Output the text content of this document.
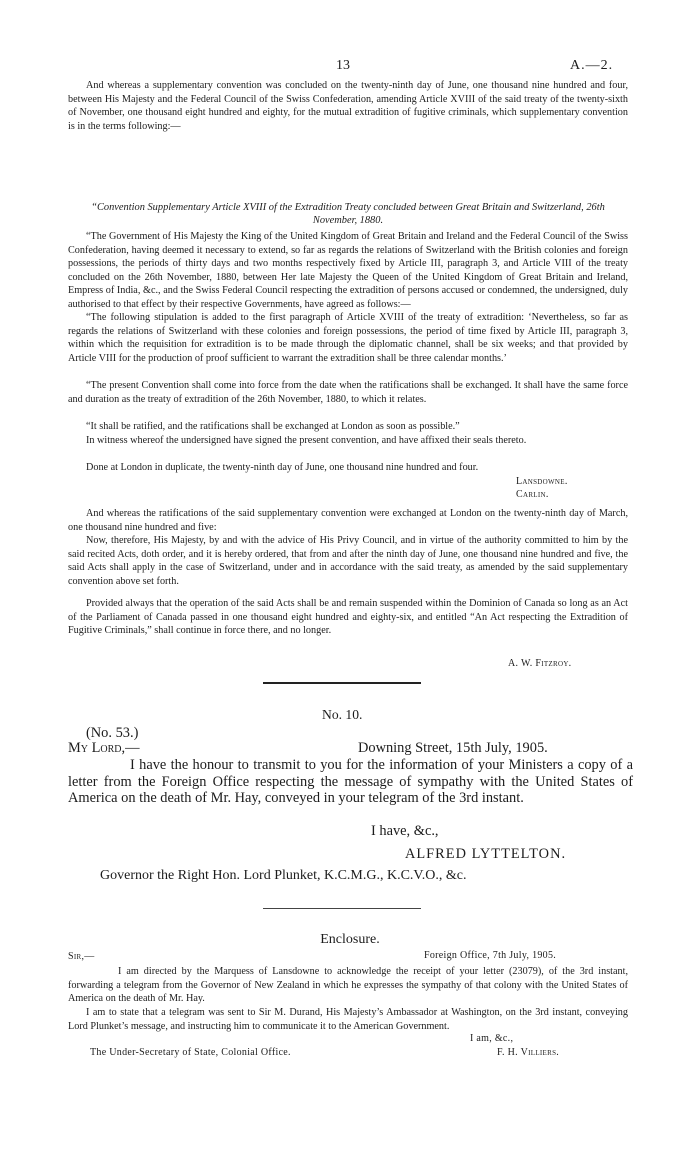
13	A.—2.

And whereas a supplementary convention was concluded on the twenty-ninth day of June, one thousand nine hundred and four, between His Majesty and the Federal Council of the Swiss Confederation, amending Article XVIII of the said treaty of the twenty-sixth of November, one thousand eight hundred and eighty, for the mutual extradition of fugitive criminals, which supplementary convention is in the terms following:—

“Convention Supplementary Article XVIII of the Extradition Treaty concluded between Great Britain and Switzerland, 26th November, 1880.

“The Government of His Majesty the King of the United Kingdom of Great Britain and Ireland and the Federal Council of the Swiss Confederation, having deemed it necessary to extend, so far as regards the relations of Switzerland with the British colonies and foreign possessions, the periods of thirty days and two months respectively fixed by Article III, paragraph 3, and Article VIII of the treaty concluded on the 26th November, 1880, between Her late Majesty the Queen of the United Kingdom of Great Britain and Ireland, Empress of India, &c., and the Swiss Federal Council respecting the extradition of persons accused or condemned, the undersigned, duly authorised to that effect by their respective Governments, have agreed as follows:—

“The following stipulation is added to the first paragraph of Article XVIII of the treaty of extradition: ‘Nevertheless, so far as regards the relations of Switzerland with these colonies and foreign possessions, the period of time fixed by Article III, paragraph 3, within which the requisition for extradition is to be made through the diplomatic channel, shall be six weeks; and that provided by Article VIII for the production of proof sufficient to warrant the extradition shall be three calendar months.’

“The present Convention shall come into force from the date when the ratifications shall be exchanged. It shall have the same force and duration as the treaty of extradition of the 26th November, 1880, to which it relates.

“It shall be ratified, and the ratifications shall be exchanged at London as soon as possible.”

In witness whereof the undersigned have signed the present convention, and have affixed their seals thereto.

Done at London in duplicate, the twenty-ninth day of June, one thousand nine hundred and four.

Lansdowne.
Carlin.

And whereas the ratifications of the said supplementary convention were exchanged at London on the twenty-ninth day of March, one thousand nine hundred and five:

Now, therefore, His Majesty, by and with the advice of His Privy Council, and in virtue of the authority committed to him by the said recited Acts, doth order, and it is hereby ordered, that from and after the ninth day of June, one thousand nine hundred and five, the said Acts shall apply in the case of Switzerland, under and in accordance with the said treaty, as amended by the said supplementary convention above set forth.

Provided always that the operation of the said Acts shall be and remain suspended within the Dominion of Canada so long as an Act of the Parliament of Canada passed in one thousand eight hundred and eighty-six, and entitled “An Act respecting the Extradition of Fugitive Criminals,” shall continue in force there, and no longer.

A. W. Fitzroy.
No. 10.
(No. 53.)
My Lord,—	Downing Street, 15th July, 1905.

I have the honour to transmit to you for the information of your Ministers a copy of a letter from the Foreign Office respecting the message of sympathy with the United States of America on the death of Mr. Hay, conveyed in your telegram of the 3rd instant.

I have, &c.,
ALFRED LYTTELTON.
Governor the Right Hon. Lord Plunket, K.C.M.G., K.C.V.O., &c.
Enclosure.
Sir,—	Foreign Office, 7th July, 1905.

I am directed by the Marquess of Lansdowne to acknowledge the receipt of your letter (23079), of the 3rd instant, forwarding a telegram from the Governor of New Zealand in which he expresses the sympathy of that colony with the United States of America on the death of Mr. Hay.

I am to state that a telegram was sent to Sir M. Durand, His Majesty’s Ambassador at Washington, on the 3rd instant, conveying Lord Plunket’s message, and instructing him to communicate it to the American Government.

I am, &c.,
The Under-Secretary of State, Colonial Office.	F. H. Villiers.
